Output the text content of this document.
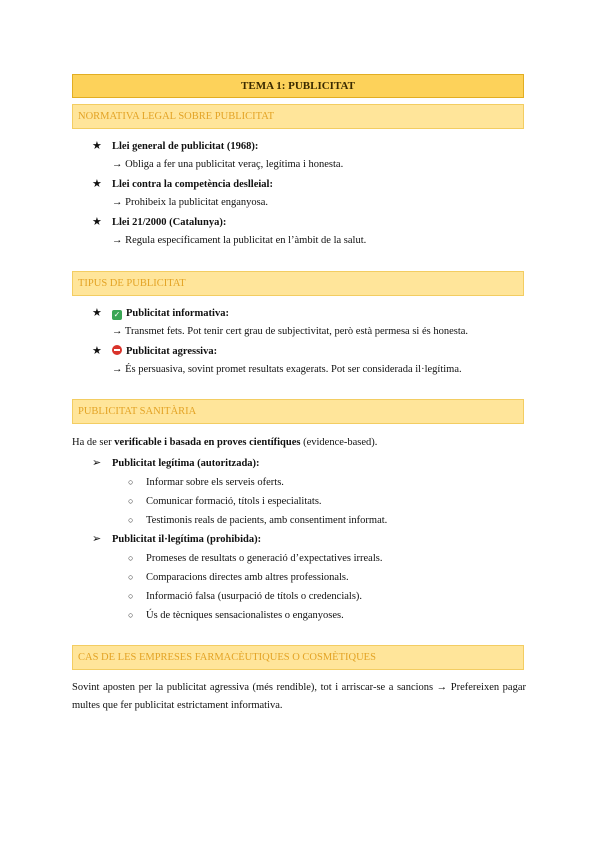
TEMA 1: PUBLICITAT
NORMATIVA LEGAL SOBRE PUBLICITAT
★ Llei general de publicitat (1968):
→ Obliga a fer una publicitat veraç, legítima i honesta.
★ Llei contra la competència deslleial:
→ Prohibeix la publicitat enganyosa.
★ Llei 21/2000 (Catalunya):
→ Regula específicament la publicitat en l’àmbit de la salut.
TIPUS DE PUBLICITAT
★ ✓ Publicitat informativa:
→ Transmet fets. Pot tenir cert grau de subjectivitat, però està permesa si és honesta.
★ Publicitat agressiva:
→ És persuasiva, sovint promet resultats exagerats. Pot ser considerada il·legítima.
PUBLICITAT SANITÀRIA
Ha de ser verificable i basada en proves científiques (evidence-based).
➢ Publicitat legítima (autoritzada):
○ Informar sobre els serveis oferts.
○ Comunicar formació, títols i especialitats.
○ Testimonis reals de pacients, amb consentiment informat.
➢ Publicitat il·legítima (prohibida):
○ Promeses de resultats o generació d’expectatives irreals.
○ Comparacions directes amb altres professionals.
○ Informació falsa (usurpació de títols o credencials).
○ Ús de tècniques sensacionalistes o enganyoses.
CAS DE LES EMPRESES FARMACÈUTIQUES O COSMÈTIQUES
Sovint aposten per la publicitat agressiva (més rendible), tot i arriscar-se a sancions → Prefereixen pagar multes que fer publicitat estrictament informativa.
